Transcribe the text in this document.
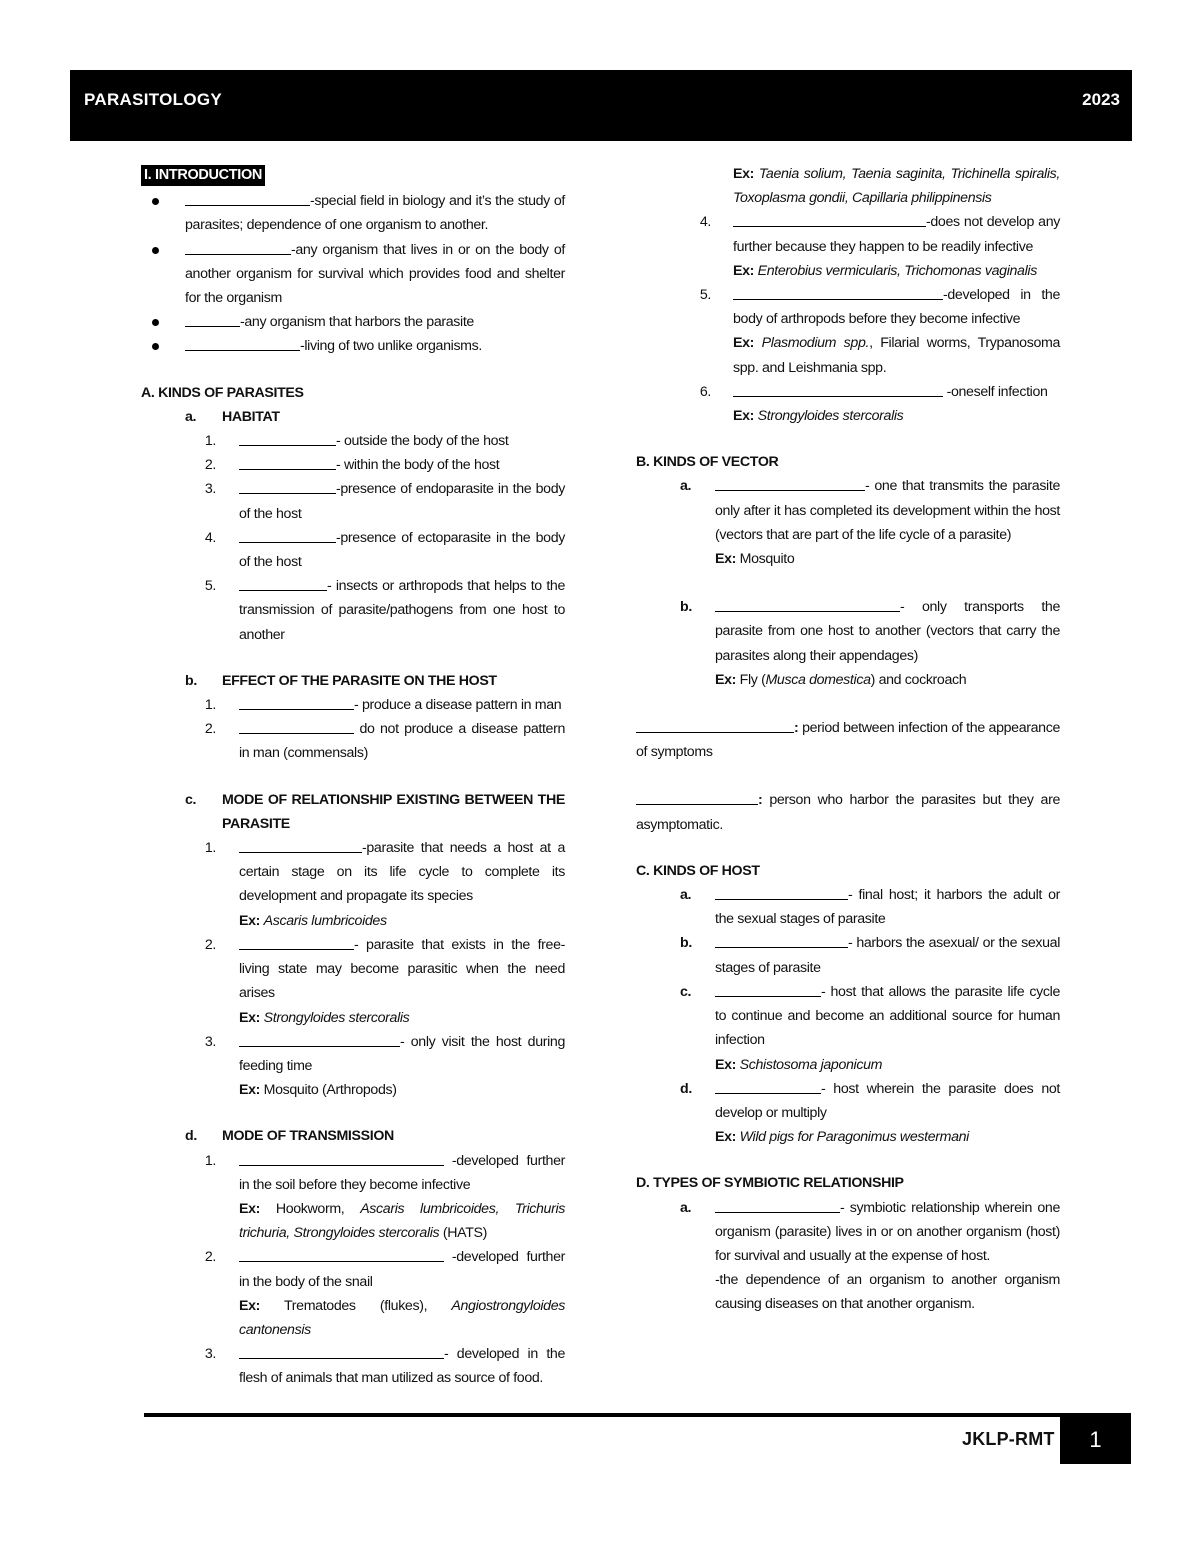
PARASITOLOGY	2023
I. INTRODUCTION
-special field in biology and it’s the study of parasites; dependence of one organism to another.
-any organism that lives in or on the body of another organism for survival which provides food and shelter for the organism
-any organism that harbors the parasite
-living of two unlike organisms.
A. KINDS OF PARASITES
a. HABITAT
1.	- outside the body of the host
2.	- within the body of the host
3.	-presence of endoparasite in the body of the host
4.	-presence of ectoparasite in the body of the host
5.	- insects or arthropods that helps to the transmission of parasite/pathogens from one host to another
b. EFFECT OF THE PARASITE ON THE HOST
1.	- produce a disease pattern in man
2.	do not produce a disease pattern in man (commensals)
c. MODE OF RELATIONSHIP EXISTING BETWEEN THE PARASITE
1.	-parasite that needs a host at a certain stage on its life cycle to complete its development and propagate its species
Ex: Ascaris lumbricoides
2.	- parasite that exists in the free-living state may become parasitic when the need arises
Ex: Strongyloides stercoralis
3.	- only visit the host during feeding time
Ex: Mosquito (Arthropods)
d. MODE OF TRANSMISSION
1.	-developed further in the soil before they become infective
Ex: Hookworm, Ascaris lumbricoides, Trichuris trichuria, Strongyloides stercoralis (HATS)
2.	-developed further in the body of the snail
Ex: Trematodes (flukes), Angiostrongyloides cantonensis
3.	- developed in the flesh of animals that man utilized as source of food.
Ex: Taenia solium, Taenia saginita, Trichinella spiralis, Toxoplasma gondii, Capillaria philippinensis
4.	-does not develop any further because they happen to be readily infective
Ex: Enterobius vermicularis, Trichomonas vaginalis
5.	-developed in the body of arthropods before they become infective
Ex: Plasmodium spp., Filarial worms, Trypanosoma spp. and Leishmania spp.
6.	-oneself infection
Ex: Strongyloides stercoralis
B. KINDS OF VECTOR
a.	- one that transmits the parasite only after it has completed its development within the host (vectors that are part of the life cycle of a parasite)
Ex: Mosquito
b.	- only transports the parasite from one host to another (vectors that carry the parasites along their appendages)
Ex: Fly (Musca domestica) and cockroach
: period between infection of the appearance of symptoms
: person who harbor the parasites but they are asymptomatic.
C. KINDS OF HOST
a.	- final host; it harbors the adult or the sexual stages of parasite
b.	- harbors the asexual/ or the sexual stages of parasite
c.	- host that allows the parasite life cycle to continue and become an additional source for human infection
Ex: Schistosoma japonicum
d.	- host wherein the parasite does not develop or multiply
Ex: Wild pigs for Paragonimus westermani
D. TYPES OF SYMBIOTIC RELATIONSHIP
a.	- symbiotic relationship wherein one organism (parasite) lives in or on another organism (host) for survival and usually at the expense of host.
-the dependence of an organism to another organism causing diseases on that another organism.
JKLP-RMT	1
